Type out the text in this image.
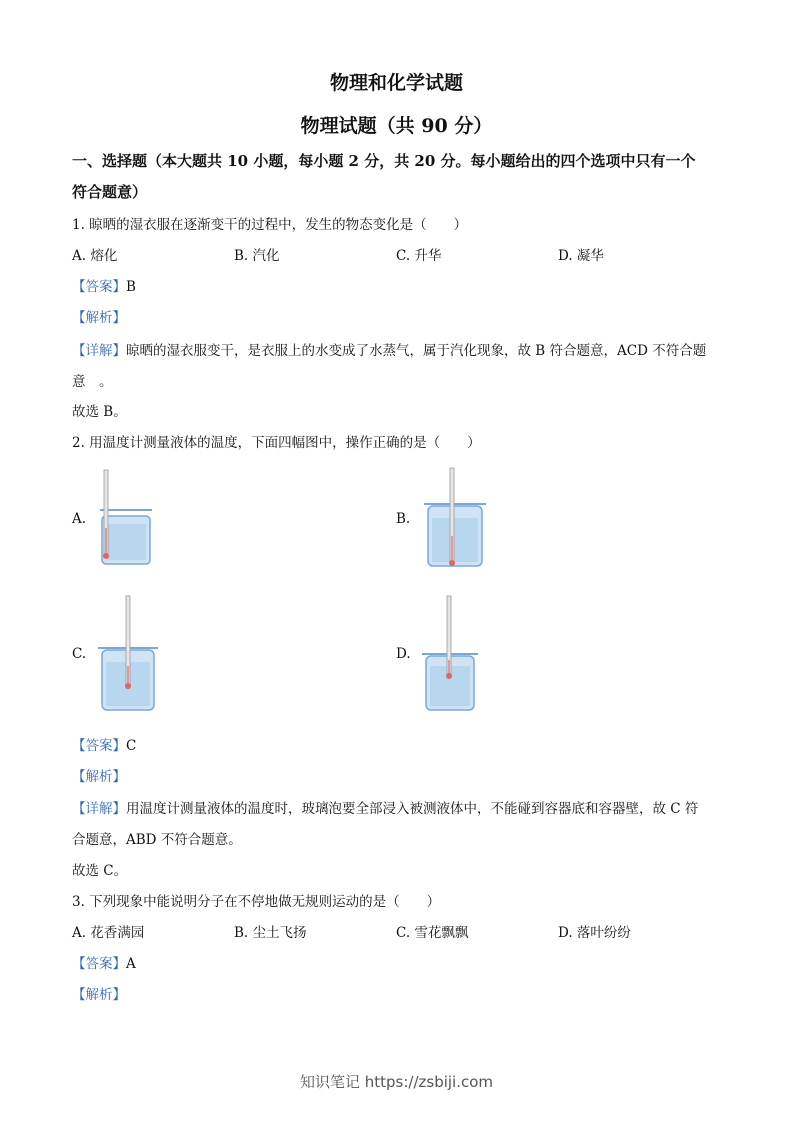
物理和化学试题
物理试题（共 90 分）
一、选择题（本大题共 10 小题，每小题 2 分，共 20 分。每小题给出的四个选项中只有一个
符合题意）
1. 晾晒的湿衣服在逐渐变干的过程中，发生的物态变化是（　　）
A. 熔化	B. 汽化	C. 升华	D. 凝华
【答案】B
【解析】
【详解】晾晒的湿衣服变干，是衣服上的水变成了水蒸气，属于汽化现象，故 B 符合题意，ACD 不符合题
意　。
故选 B。
2. 用温度计测量液体的温度，下面四幅图中，操作正确的是（　　）
A.	B.
C.	D.
【答案】C
【解析】
【详解】用温度计测量液体的温度时，玻璃泡要全部浸入被测液体中，不能碰到容器底和容器壁，故 C 符
合题意，ABD 不符合题意。
故选 C。
3. 下列现象中能说明分子在不停地做无规则运动的是（　　）
A. 花香满园	B. 尘土飞扬	C. 雪花飘飘	D. 落叶纷纷
【答案】A
【解析】
知识笔记 https://zsbiji.com
